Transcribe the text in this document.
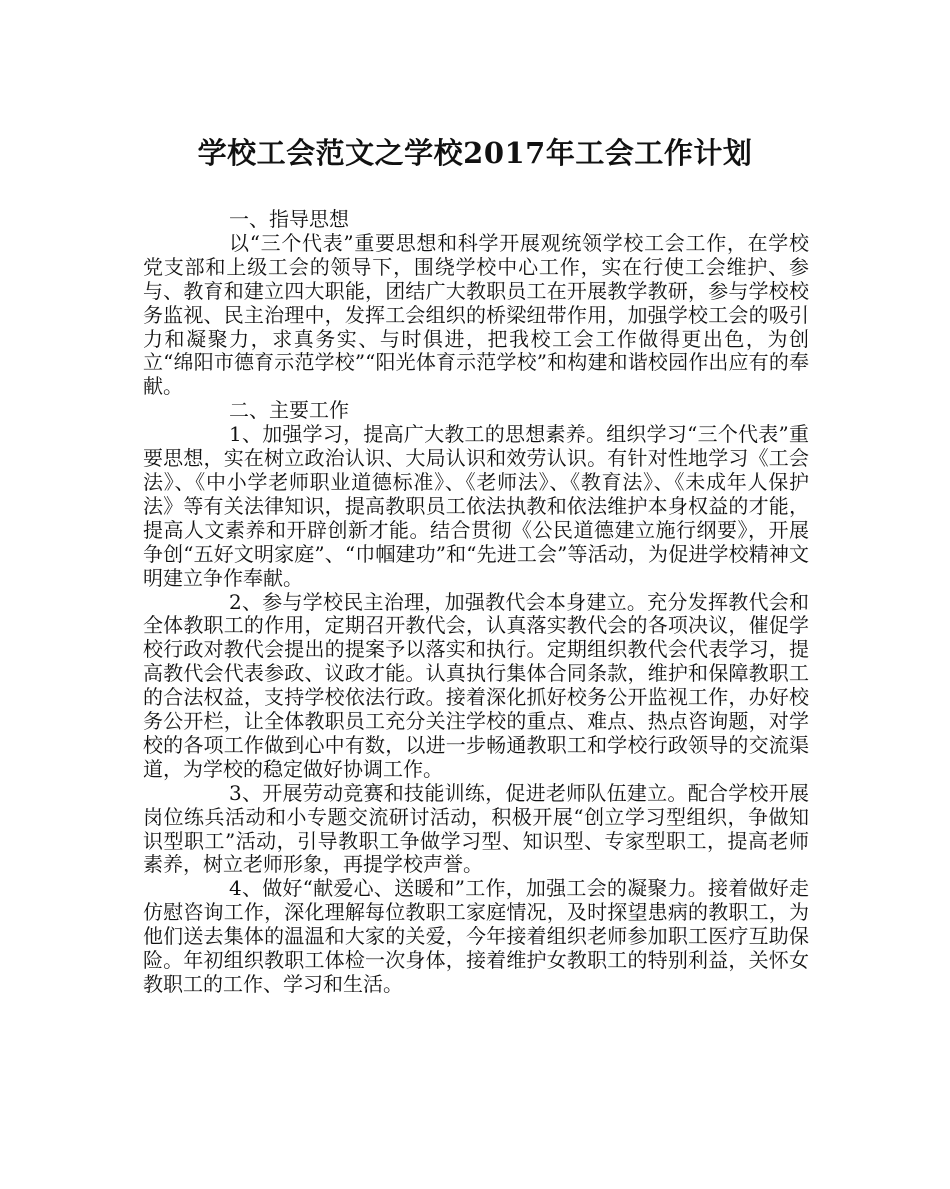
学校工会范文之学校2017年工会工作计划

一、指导思想

以“三个代表”重要思想和科学开展观统领学校工会工作，在学校党支部和上级工会的领导下，围绕学校中心工作，实在行使工会维护、参与、教育和建立四大职能，团结广大教职员工在开展教学教研，参与学校校务监视、民主治理中，发挥工会组织的桥梁纽带作用，加强学校工会的吸引力和凝聚力，求真务实、与时俱进，把我校工会工作做得更出色，为创立“绵阳市德育示范学校”“阳光体育示范学校”和构建和谐校园作出应有的奉献。

二、主要工作

1、加强学习，提高广大教工的思想素养。组织学习“三个代表”重要思想，实在树立政治认识、大局认识和效劳认识。有针对性地学习《工会法》、《中小学老师职业道德标准》、《老师法》、《教育法》、《未成年人保护法》等有关法律知识，提高教职员工依法执教和依法维护本身权益的才能，提高人文素养和开辟创新才能。结合贯彻《公民道德建立施行纲要》，开展争创“五好文明家庭”、“巾帼建功”和“先进工会”等活动，为促进学校精神文明建立争作奉献。

2、参与学校民主治理，加强教代会本身建立。充分发挥教代会和全体教职工的作用，定期召开教代会，认真落实教代会的各项决议，催促学校行政对教代会提出的提案予以落实和执行。定期组织教代会代表学习，提高教代会代表参政、议政才能。认真执行集体合同条款，维护和保障教职工的合法权益，支持学校依法行政。接着深化抓好校务公开监视工作，办好校务公开栏，让全体教职员工充分关注学校的重点、难点、热点咨询题，对学校的各项工作做到心中有数，以进一步畅通教职工和学校行政领导的交流渠道，为学校的稳定做好协调工作。

3、开展劳动竞赛和技能训练，促进老师队伍建立。配合学校开展岗位练兵活动和小专题交流研讨活动，积极开展“创立学习型组织，争做知识型职工”活动，引导教职工争做学习型、知识型、专家型职工，提高老师素养，树立老师形象，再提学校声誉。

4、做好“献爱心、送暖和”工作，加强工会的凝聚力。接着做好走仿慰咨询工作，深化理解每位教职工家庭情况，及时探望患病的教职工，为他们送去集体的温温和大家的关爱，今年接着组织老师参加职工医疗互助保险。年初组织教职工体检一次身体，接着维护女教职工的特别利益，关怀女教职工的工作、学习和生活。
